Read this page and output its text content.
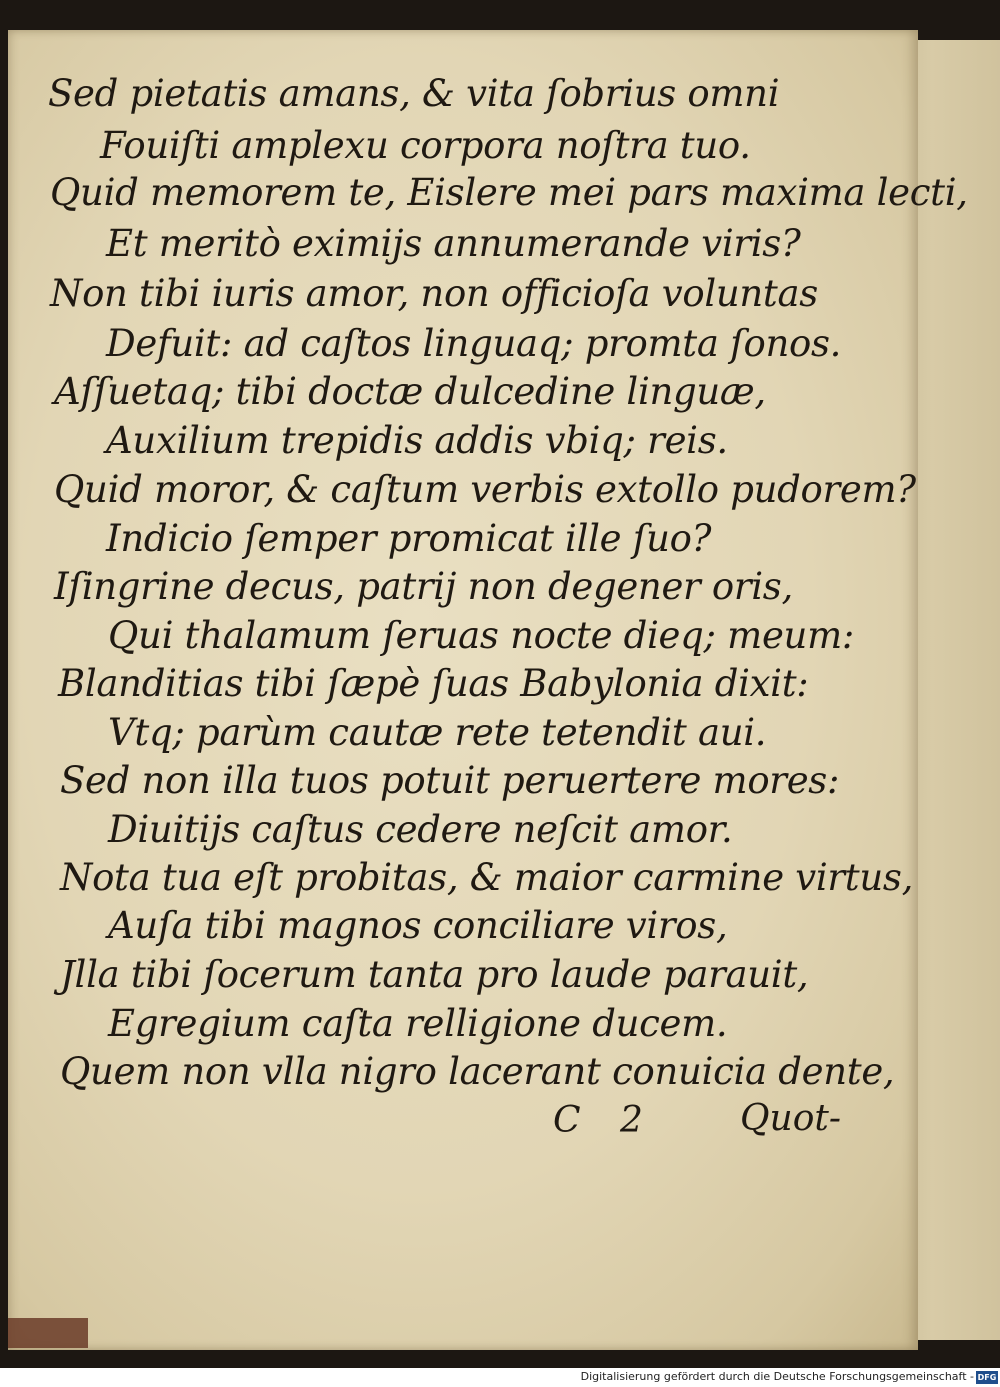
Sed pietatis amans, & vita ſobrius omni
Fouiſti amplexu corpora noſtra tuo.
Quid memorem te, Eislere mei pars maxima lecti,
Et meritò eximijs annumerande viris?
Non tibi iuris amor, non officioſa voluntas
Defuit: ad caſtos linguaq; promta ſonos.
Aſſuetaq; tibi doctæ dulcedine linguæ,
Auxilium trepidis addis vbiq; reis.
Quid moror, & caſtum verbis extollo pudorem?
Indicio ſemper promicat ille ſuo?
Iſingrine decus, patrij non degener oris,
Qui thalamum ſeruas nocte dieq; meum:
Blanditias tibi ſæpè ſuas Babylonia dixit:
Vtq; parùm cautæ rete tetendit aui.
Sed non illa tuos potuit peruertere mores:
Diuitijs caſtus cedere neſcit amor.
Nota tua eſt probitas, & maior carmine virtus,
Auſa tibi magnos conciliare viros,
Jlla tibi ſocerum tanta pro laude parauit,
Egregium caſta relligione ducem.
Quem non vlla nigro lacerant conuicia dente,
C 2	Quot-
Digitalisierung gefördert durch die Deutsche Forschungsgemeinschaft - DFG
